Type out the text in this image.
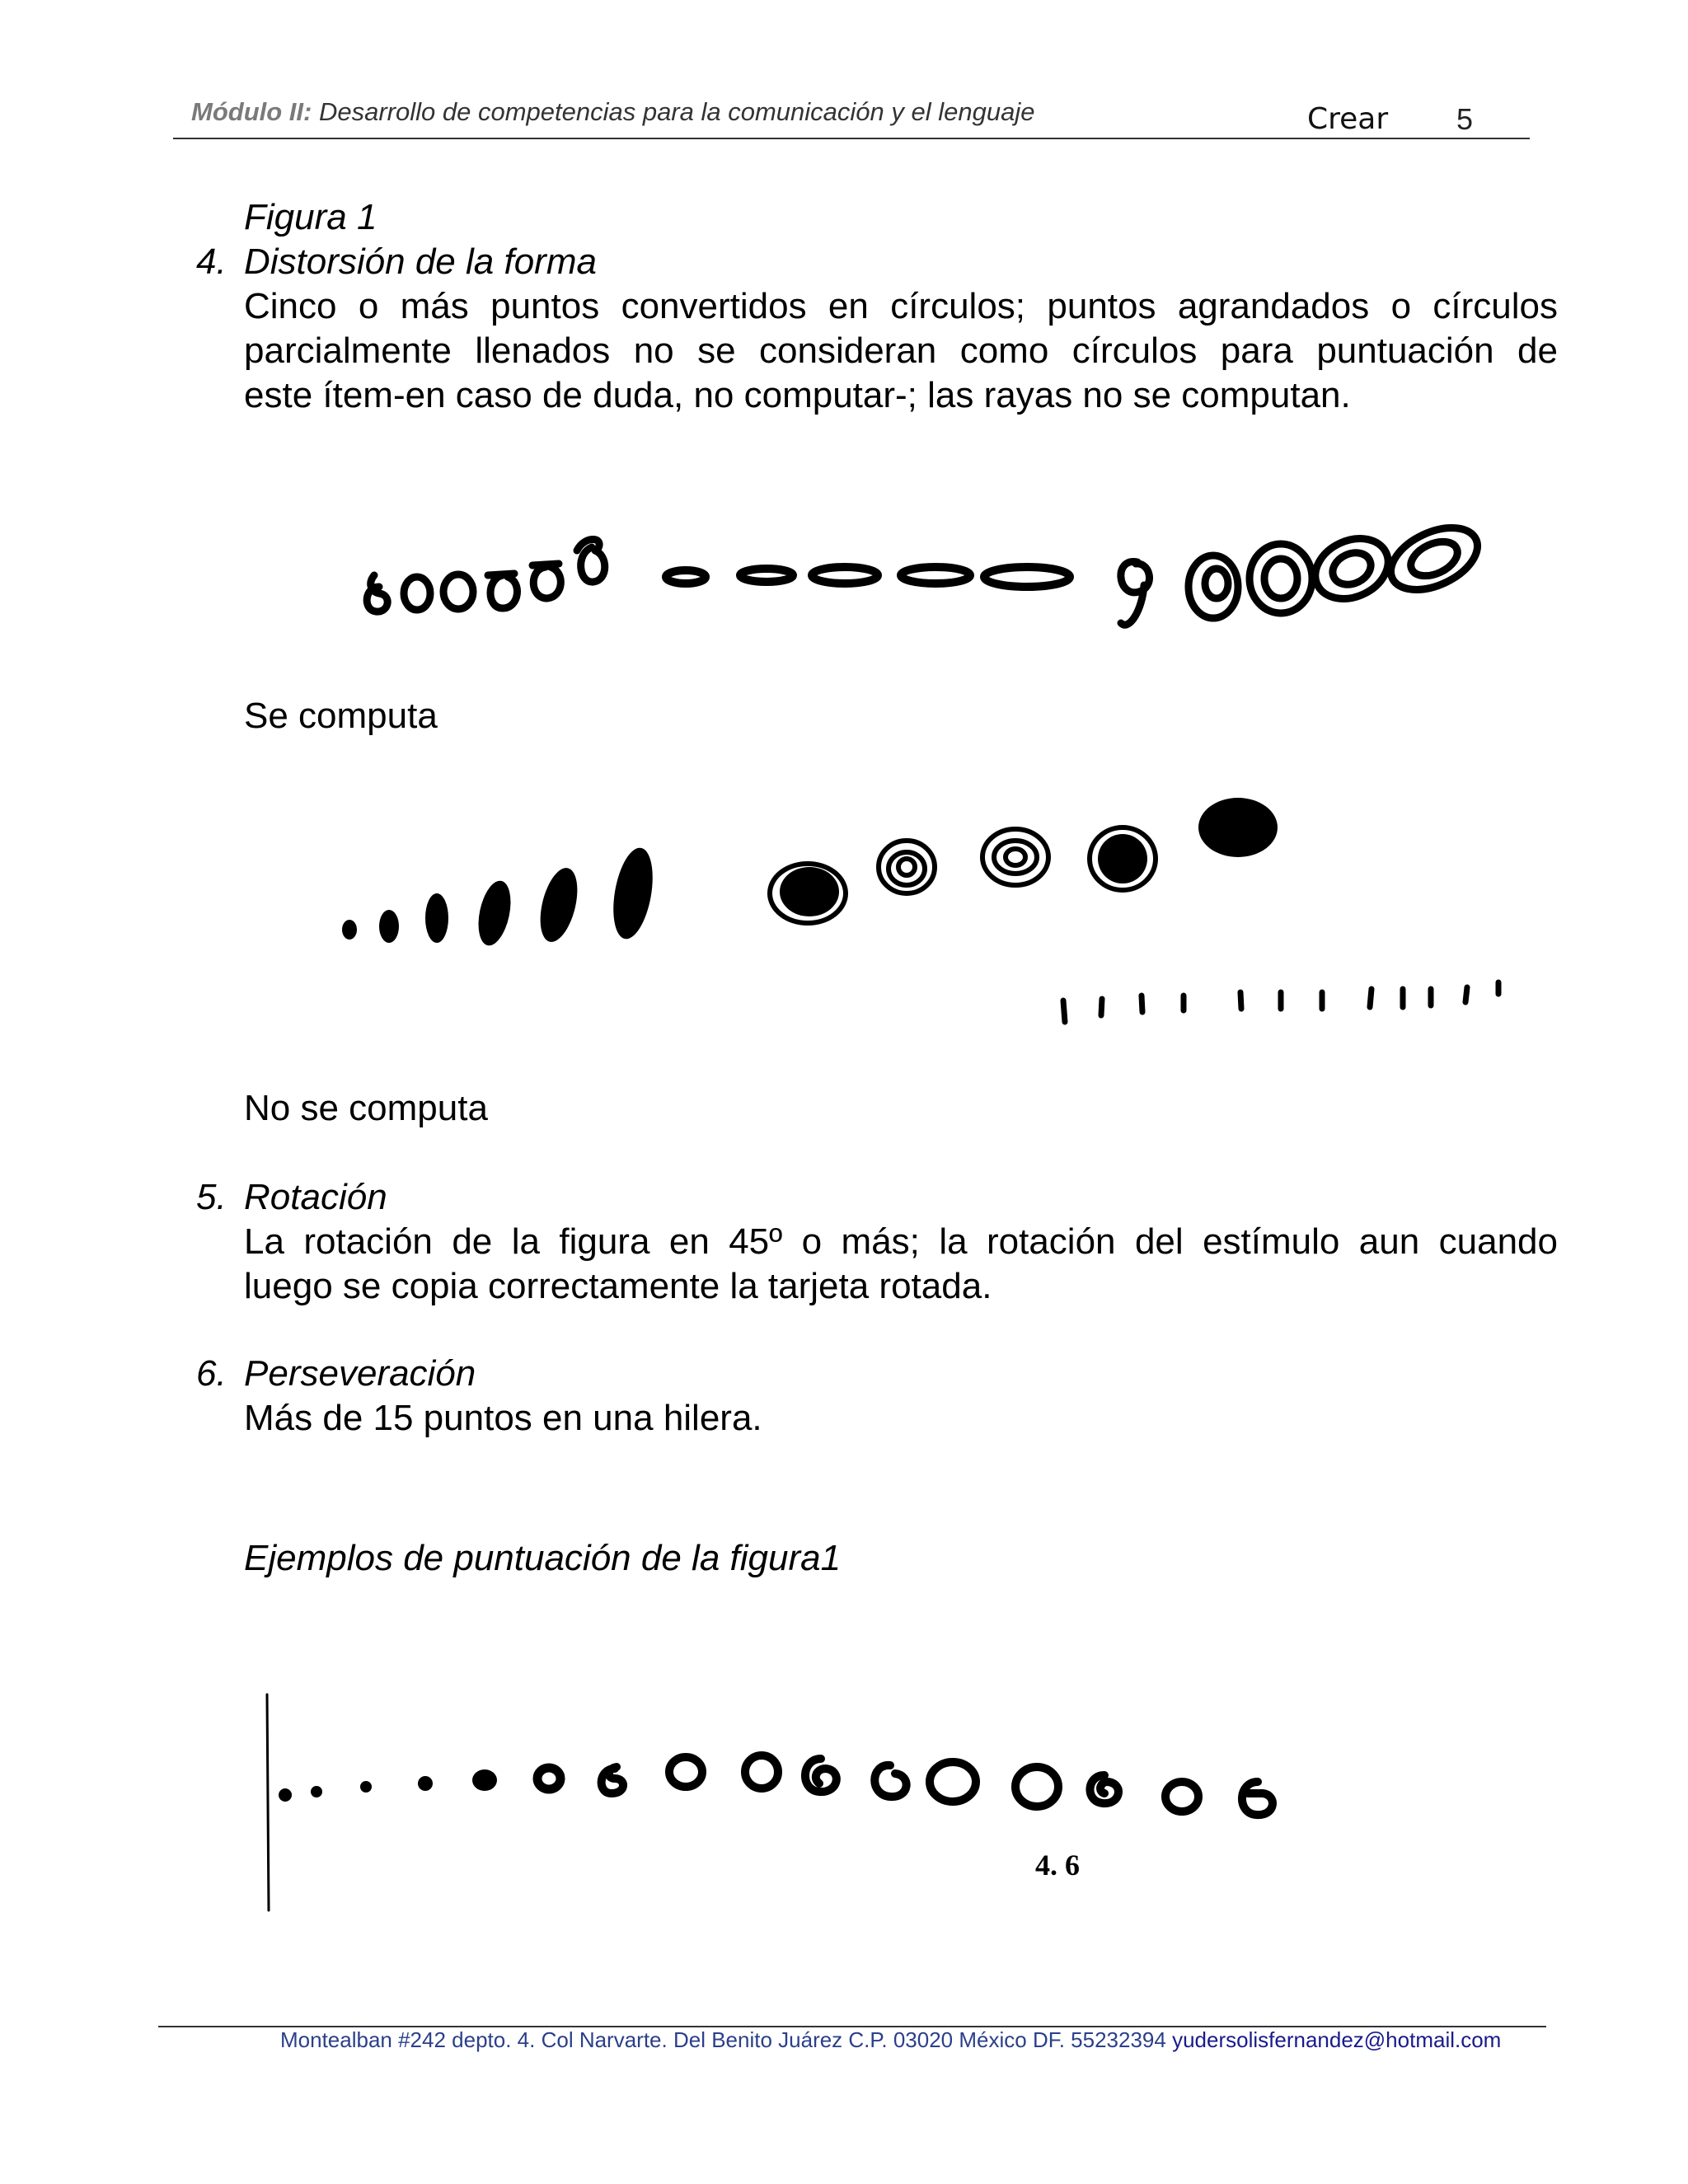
Módulo II: Desarrollo de competencias para la comunicación y el lenguaje	Crear 5
Figura 1
4. Distorsión de la forma
Cinco o más puntos convertidos en círculos; puntos agrandados o círculos
parcialmente llenados no se consideran como círculos para puntuación de
este ítem-en caso de duda, no computar-; las rayas no se computan.
Se computa
No se computa
5. Rotación
La rotación de la figura en 45º o más; la rotación del estímulo aun cuando
luego se copia correctamente la tarjeta rotada.
6. Perseveración
Más de 15 puntos en una hilera.
Ejemplos de puntuación de la figura1
4. 6
Montealban #242 depto. 4. Col Narvarte. Del Benito Juárez C.P. 03020 México DF. 55232394 yudersolisfernandez@hotmail.com
